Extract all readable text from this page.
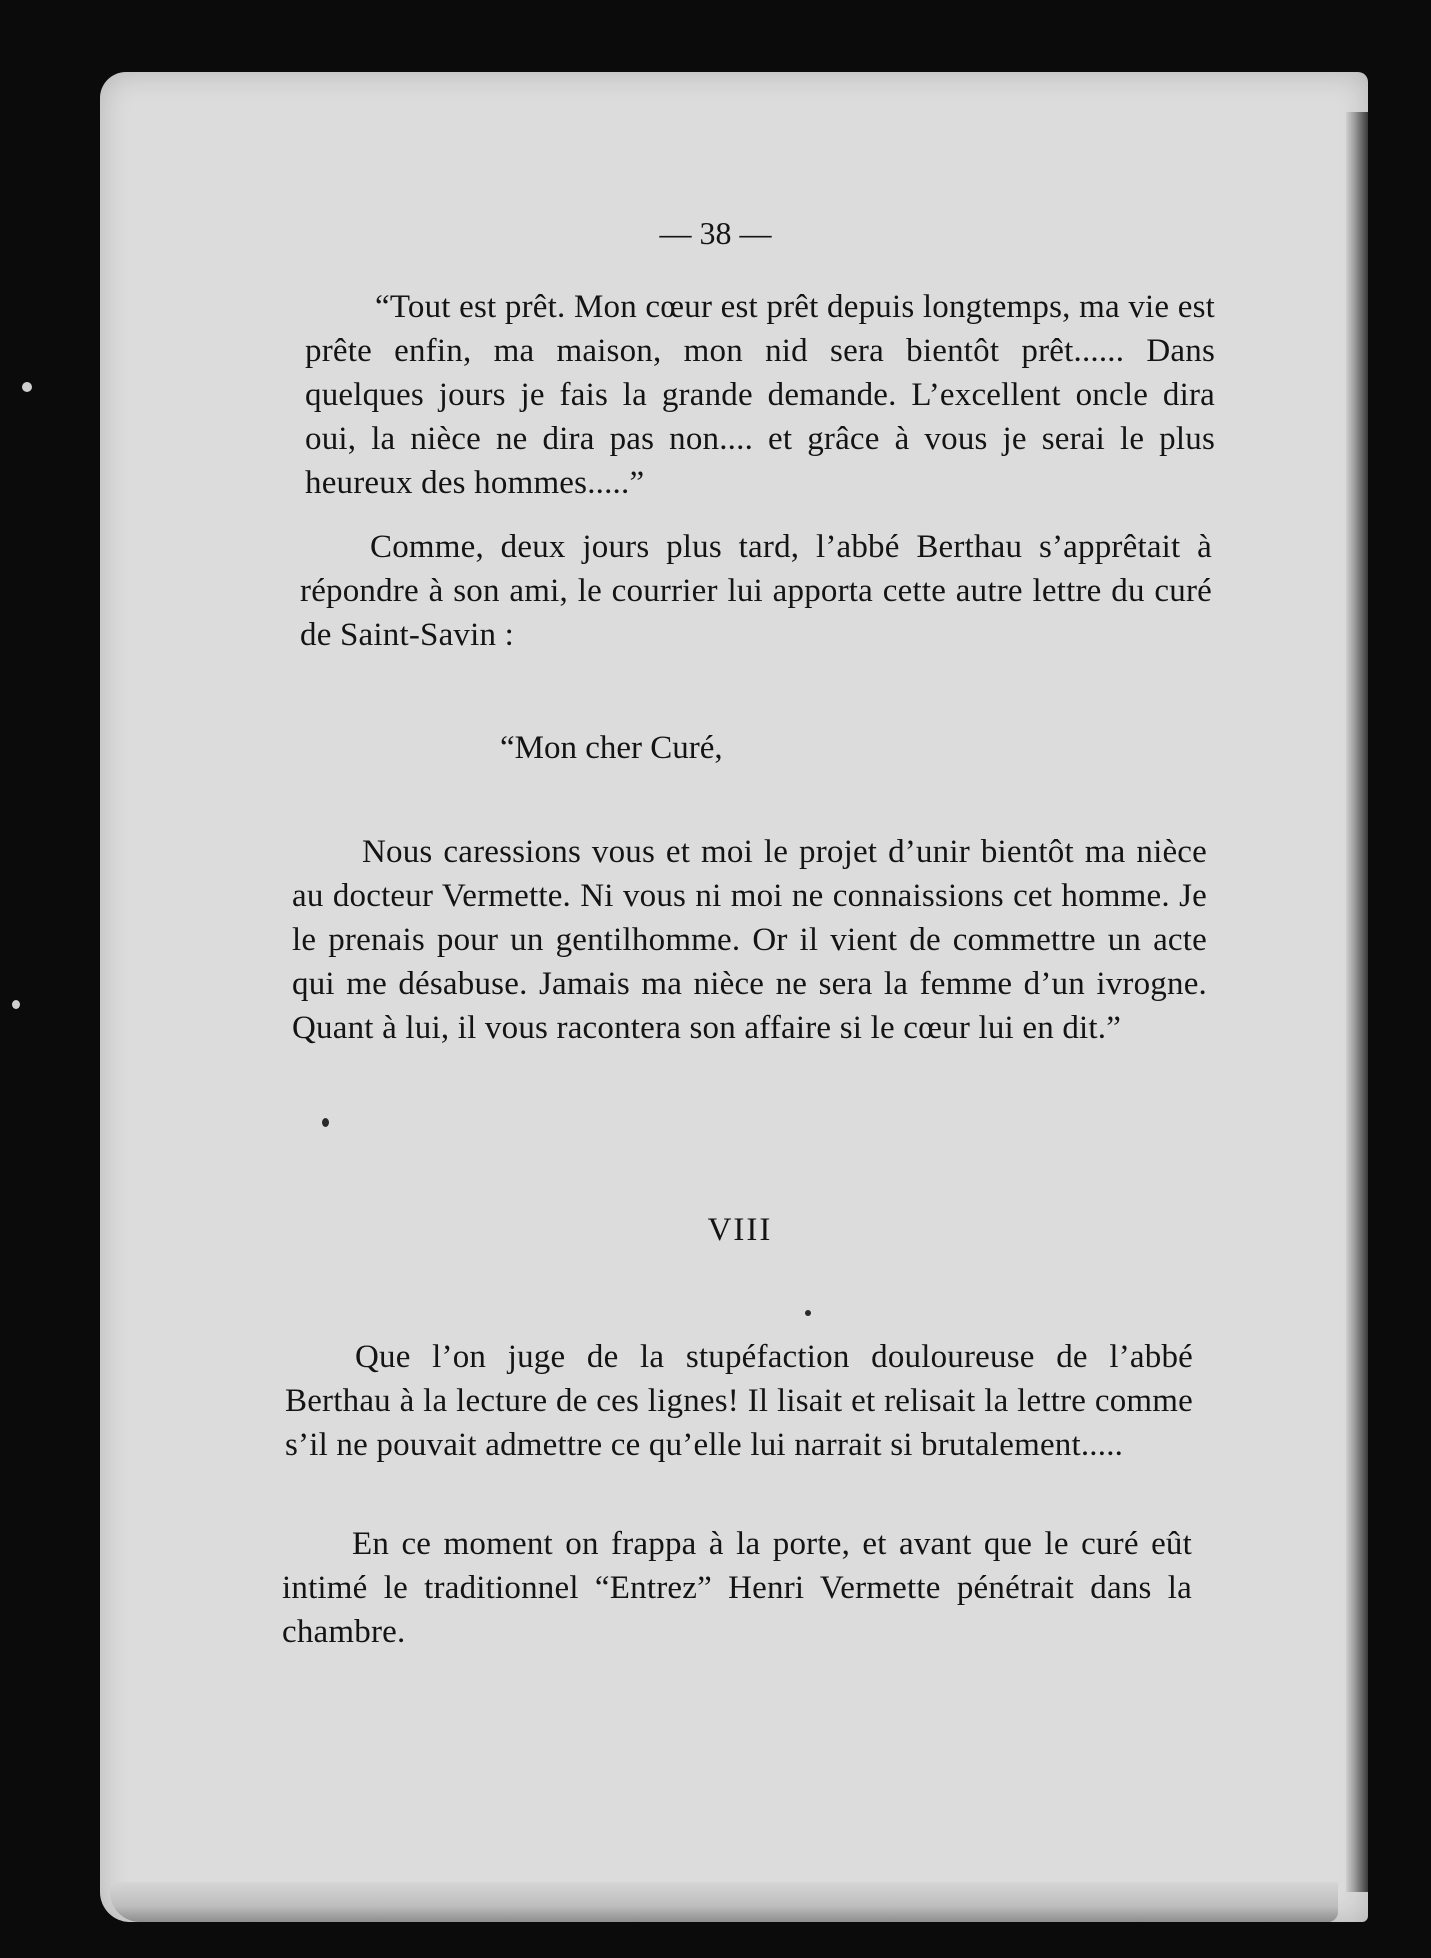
— 38 —

“Tout est prêt. Mon cœur est prêt depuis longtemps, ma vie est prête enfin, ma maison, mon nid sera bientôt prêt...... Dans quelques jours je fais la grande demande. L’excellent oncle dira oui, la nièce ne dira pas non.... et grâce à vous je serai le plus heureux des hommes.....”

Comme, deux jours plus tard, l’abbé Berthau s’apprêtait à répondre à son ami, le courrier lui apporta cette autre lettre du curé de Saint-Savin :

“Mon cher Curé,

Nous caressions vous et moi le projet d’unir bientôt ma nièce au docteur Vermette. Ni vous ni moi ne connaissions cet homme. Je le prenais pour un gentilhomme. Or il vient de commettre un acte qui me désabuse. Jamais ma nièce ne sera la femme d’un ivrogne. Quant à lui, il vous racontera son affaire si le cœur lui en dit.”

VIII

Que l’on juge de la stupéfaction douloureuse de l’abbé Berthau à la lecture de ces lignes! Il lisait et relisait la lettre comme s’il ne pouvait admettre ce qu’elle lui narrait si brutalement.....

En ce moment on frappa à la porte, et avant que le curé eût intimé le traditionnel “Entrez” Henri Vermette pénétrait dans la chambre.
